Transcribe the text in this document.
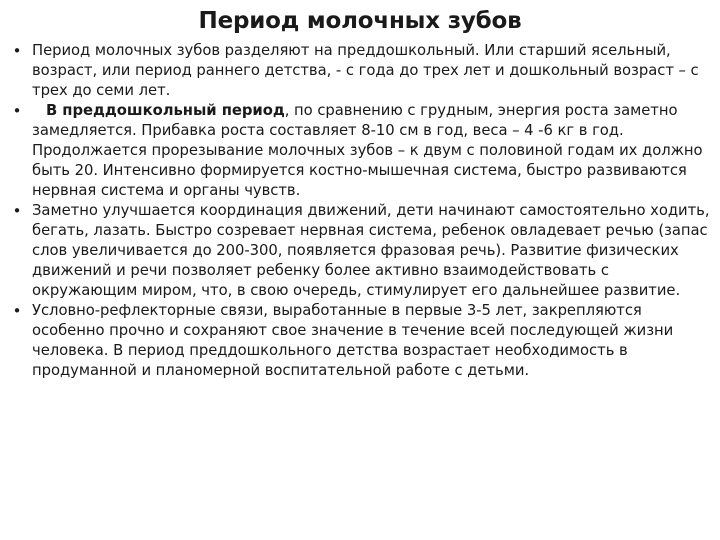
Период молочных зубов
• Период молочных зубов разделяют на преддошкольный. Или старший ясельный, возраст, или период раннего детства, - с года до трех лет и дошкольный возраст – с трех до семи лет.
• В преддошкольный период, по сравнению с грудным, энергия роста заметно замедляется. Прибавка роста составляет 8-10 см в год, веса – 4 -6 кг в год. Продолжается прорезывание молочных зубов – к двум с половиной годам их должно быть 20. Интенсивно формируется костно-мышечная система, быстро развиваются нервная система и органы чувств.
• Заметно улучшается координация движений, дети начинают самостоятельно ходить, бегать, лазать. Быстро созревает нервная система, ребенок овладевает речью (запас слов увеличивается до 200-300, появляется фразовая речь). Развитие физических движений и речи позволяет ребенку более активно взаимодействовать с окружающим миром, что, в свою очередь, стимулирует его дальнейшее развитие.
• Условно-рефлекторные связи, выработанные в первые 3-5 лет, закрепляются особенно прочно и сохраняют свое значение в течение всей последующей жизни человека. В период преддошкольного детства возрастает необходимость в продуманной и планомерной воспитательной работе с детьми.
